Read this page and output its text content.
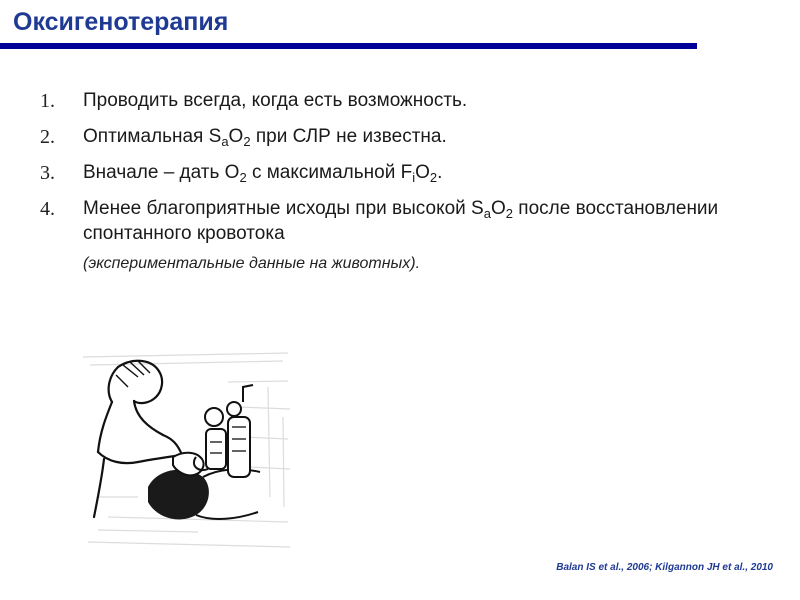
Оксигенотерапия
1.	Проводить всегда, когда есть возможность.
2.	Оптимальная $S_aO_2$ при СЛР не известна.
3.	Вначале – дать $О_2$ с максимальной $F_iO_2$.
4.	Менее благоприятные исходы при высокой $S_aO_2$ после восстановлении спонтанного кровотока
(экспериментальные данные на животных).
Balan IS et al., 2006; Kilgannon JH et al., 2010
